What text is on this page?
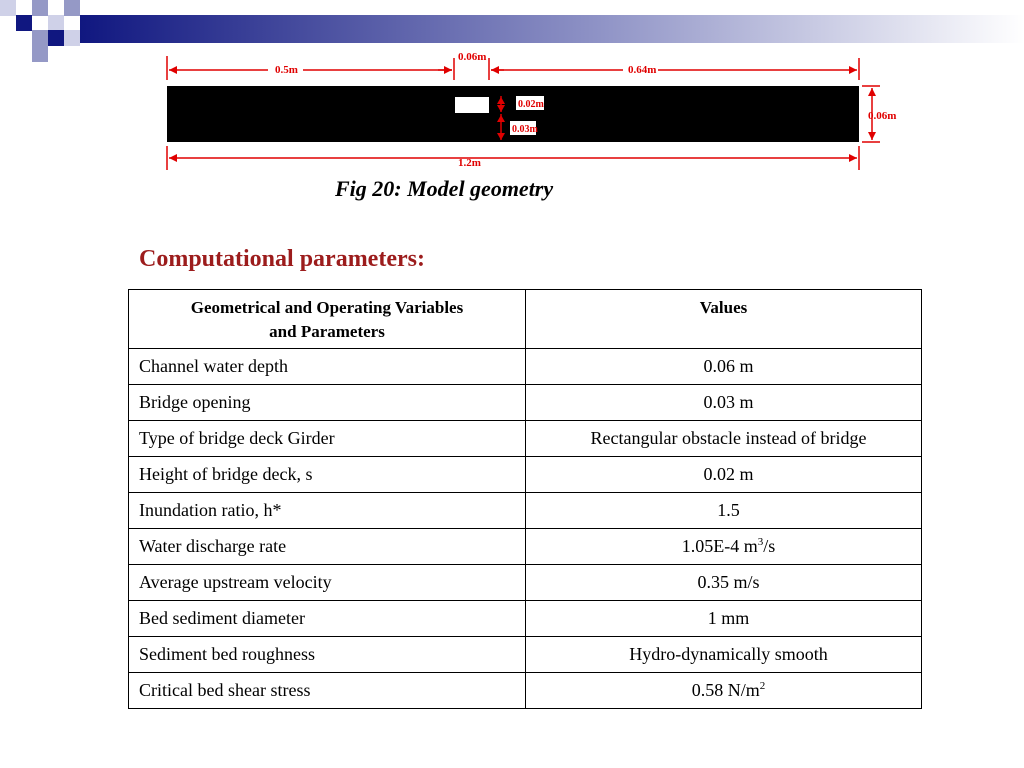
0.5m
0.06m
0.64m
0.06m
1.2m
0.02m
0.03m
Fig 20: Model geometry
Computational parameters:
Geometrical and Operating Variables
and Parameters	Values
Channel water depth	0.06 m
Bridge opening	0.03 m
Type of bridge deck Girder	Rectangular obstacle instead of bridge
Height of bridge deck, s	0.02 m
Inundation ratio, h*	1.5
Water discharge rate	1.05E-4 $m^3/s$
Average upstream velocity	0.35 m/s
Bed sediment diameter	1 mm
Sediment bed roughness	Hydro-dynamically smooth
Critical bed shear stress	0.58 $N/m^2$
